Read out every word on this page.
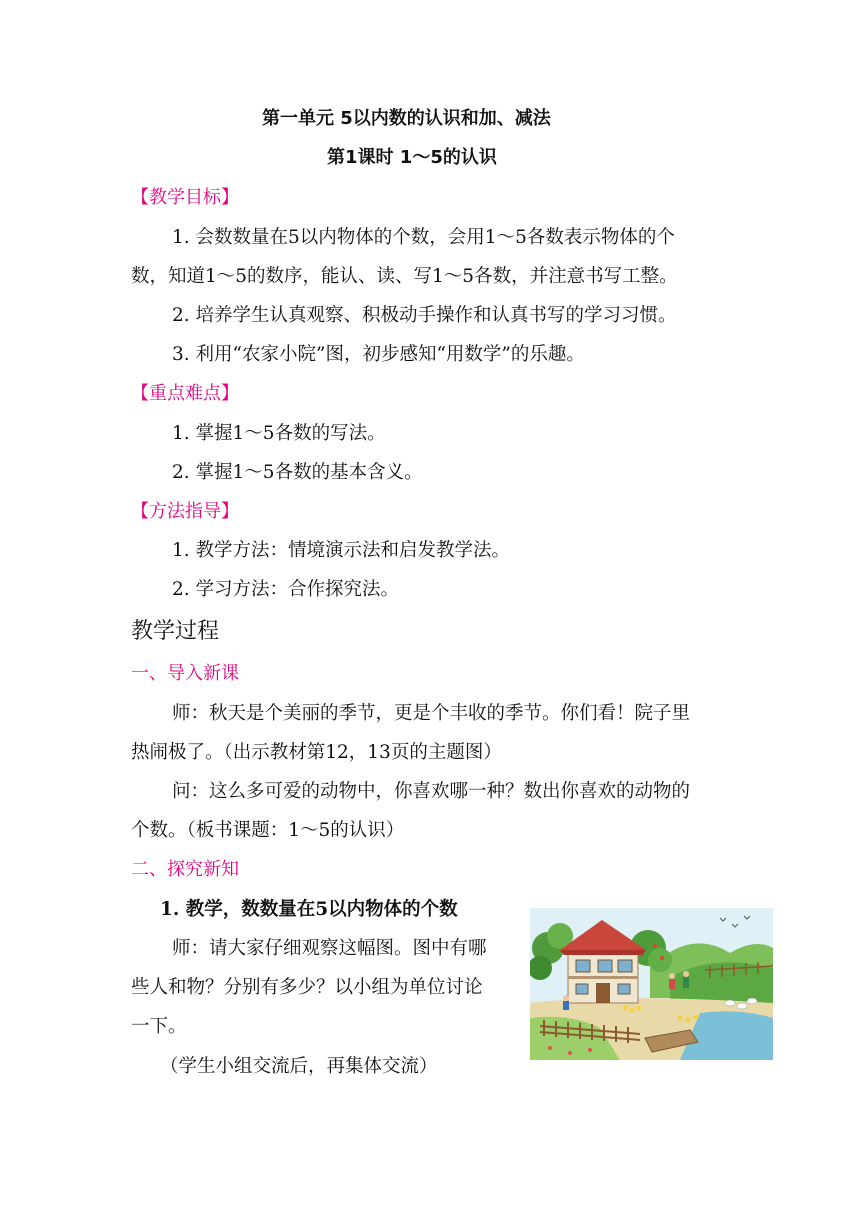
第一单元 5以内数的认识和加、减法
第1课时 1～5的认识
【教学目标】
1. 会数数量在5以内物体的个数，会用1～5各数表示物体的个
数，知道1～5的数序，能认、读、写1～5各数，并注意书写工整。
2. 培养学生认真观察、积极动手操作和认真书写的学习习惯。
3. 利用“农家小院”图，初步感知“用数学”的乐趣。
【重点难点】
1. 掌握1～5各数的写法。
2. 掌握1～5各数的基本含义。
【方法指导】
1. 教学方法：情境演示法和启发教学法。
2. 学习方法：合作探究法。
教学过程
一、导入新课
师：秋天是个美丽的季节，更是个丰收的季节。你们看！院子里
热闹极了。（出示教材第12，13页的主题图）
问：这么多可爱的动物中，你喜欢哪一种？数出你喜欢的动物的
个数。（板书课题：1～5的认识）
二、探究新知
1. 教学，数数量在5以内物体的个数
师：请大家仔细观察这幅图。图中有哪
些人和物？分别有多少？以小组为单位讨论
一下。
（学生小组交流后，再集体交流）
